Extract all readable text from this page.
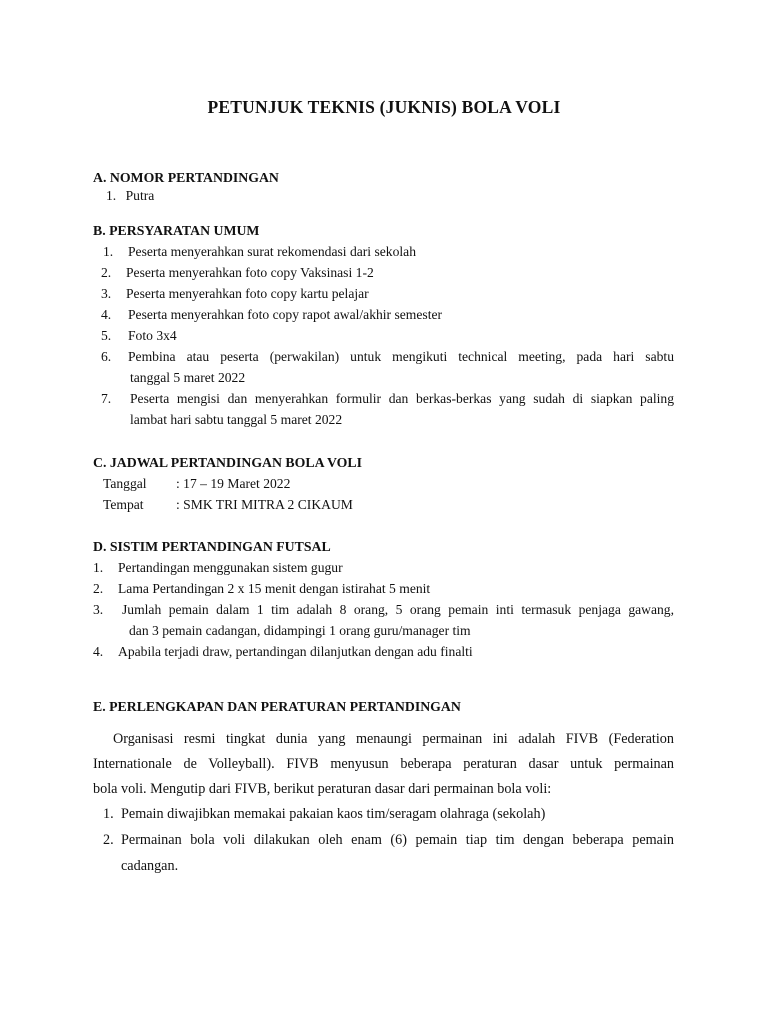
PETUNJUK TEKNIS (JUKNIS) BOLA VOLI
A. NOMOR PERTANDINGAN
1. Putra
B. PERSYARATAN UMUM
1. Peserta menyerahkan surat rekomendasi dari sekolah
2. Peserta menyerahkan foto copy Vaksinasi 1-2
3. Peserta menyerahkan foto copy kartu pelajar
4. Peserta menyerahkan foto copy rapot awal/akhir semester
5. Foto 3x4
6. Pembina atau peserta (perwakilan) untuk mengikuti technical meeting, pada hari sabtu
tanggal 5 maret 2022
7. Peserta mengisi dan menyerahkan formulir dan berkas-berkas yang sudah di siapkan paling
lambat hari sabtu tanggal 5 maret 2022
C. JADWAL PERTANDINGAN BOLA VOLI
Tanggal : 17 – 19 Maret 2022
Tempat : SMK TRI MITRA 2 CIKAUM
D. SISTIM PERTANDINGAN FUTSAL
1. Pertandingan menggunakan sistem gugur
2. Lama Pertandingan 2 x 15 menit dengan istirahat 5 menit
3. Jumlah pemain dalam 1 tim adalah 8 orang, 5 orang pemain inti termasuk penjaga gawang,
dan 3 pemain cadangan, didampingi 1 orang guru/manager tim
4. Apabila terjadi draw, pertandingan dilanjutkan dengan adu finalti
E. PERLENGKAPAN DAN PERATURAN PERTANDINGAN
Organisasi resmi tingkat dunia yang menaungi permainan ini adalah FIVB (Federation
Internationale de Volleyball). FIVB menyusun beberapa peraturan dasar untuk permainan
bola voli. Mengutip dari FIVB, berikut peraturan dasar dari permainan bola voli:
1. Pemain diwajibkan memakai pakaian kaos tim/seragam olahraga (sekolah)
2. Permainan bola voli dilakukan oleh enam (6) pemain tiap tim dengan beberapa pemain
cadangan.
